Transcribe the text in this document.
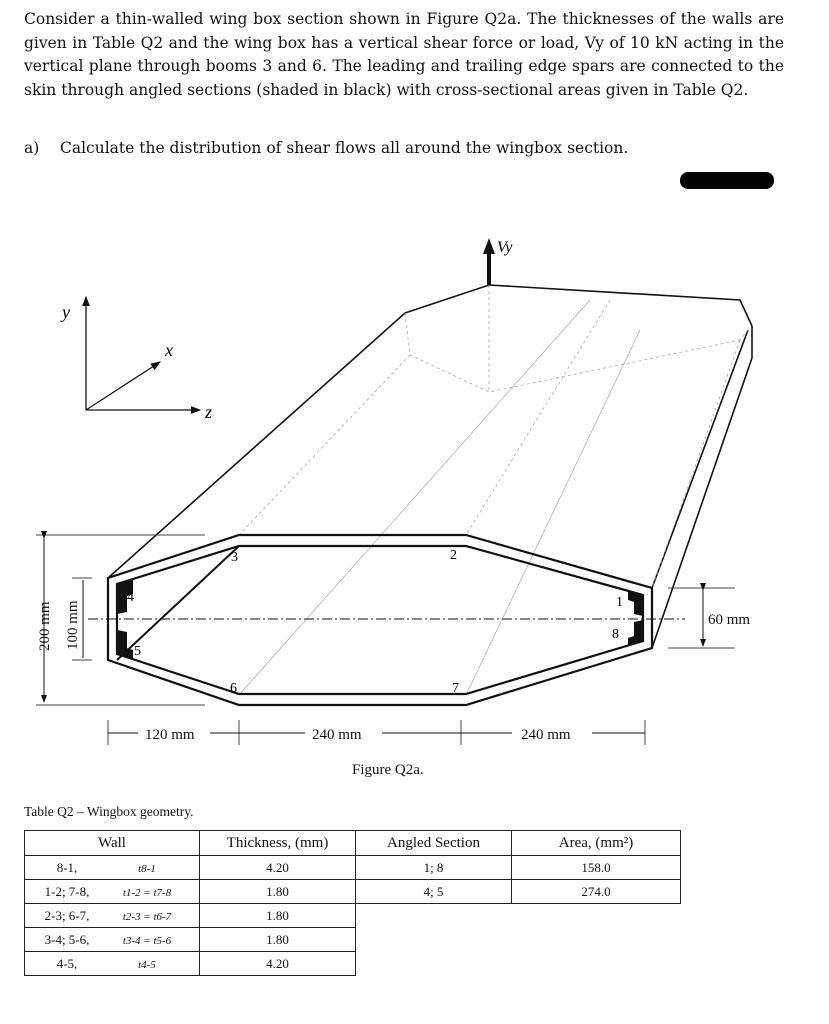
Consider a thin-walled wing box section shown in Figure Q2a. The thicknesses of the walls are given in Table Q2 and the wing box has a vertical shear force or load, Vy of 10 kN acting in the vertical plane through booms 3 and 6. The leading and trailing edge spars are connected to the skin through angled sections (shaded in black) with cross-sectional areas given in Table Q2.
a) Calculate the distribution of shear flows all around the wingbox section.
y
x
z
Vy
1
2
3
4
5
6	7
8
200 mm 100 mm	60 mm
120 mm	240 mm	240 mm
Figure Q2a.
Table Q2 – Wingbox geometry.
Wall	Thickness, (mm)	Angled Section	Area, (mm²)
8-1, t8-1	4.20	1; 8	158.0
1-2; 7-8, t1-2 = t7-8	1.80	4; 5	274.0
2-3; 6-7, t2-3 = t6-7	1.80		
3-4; 5-6, t3-4 = t5-6	1.80		
4-5, t4-5	4.20		
